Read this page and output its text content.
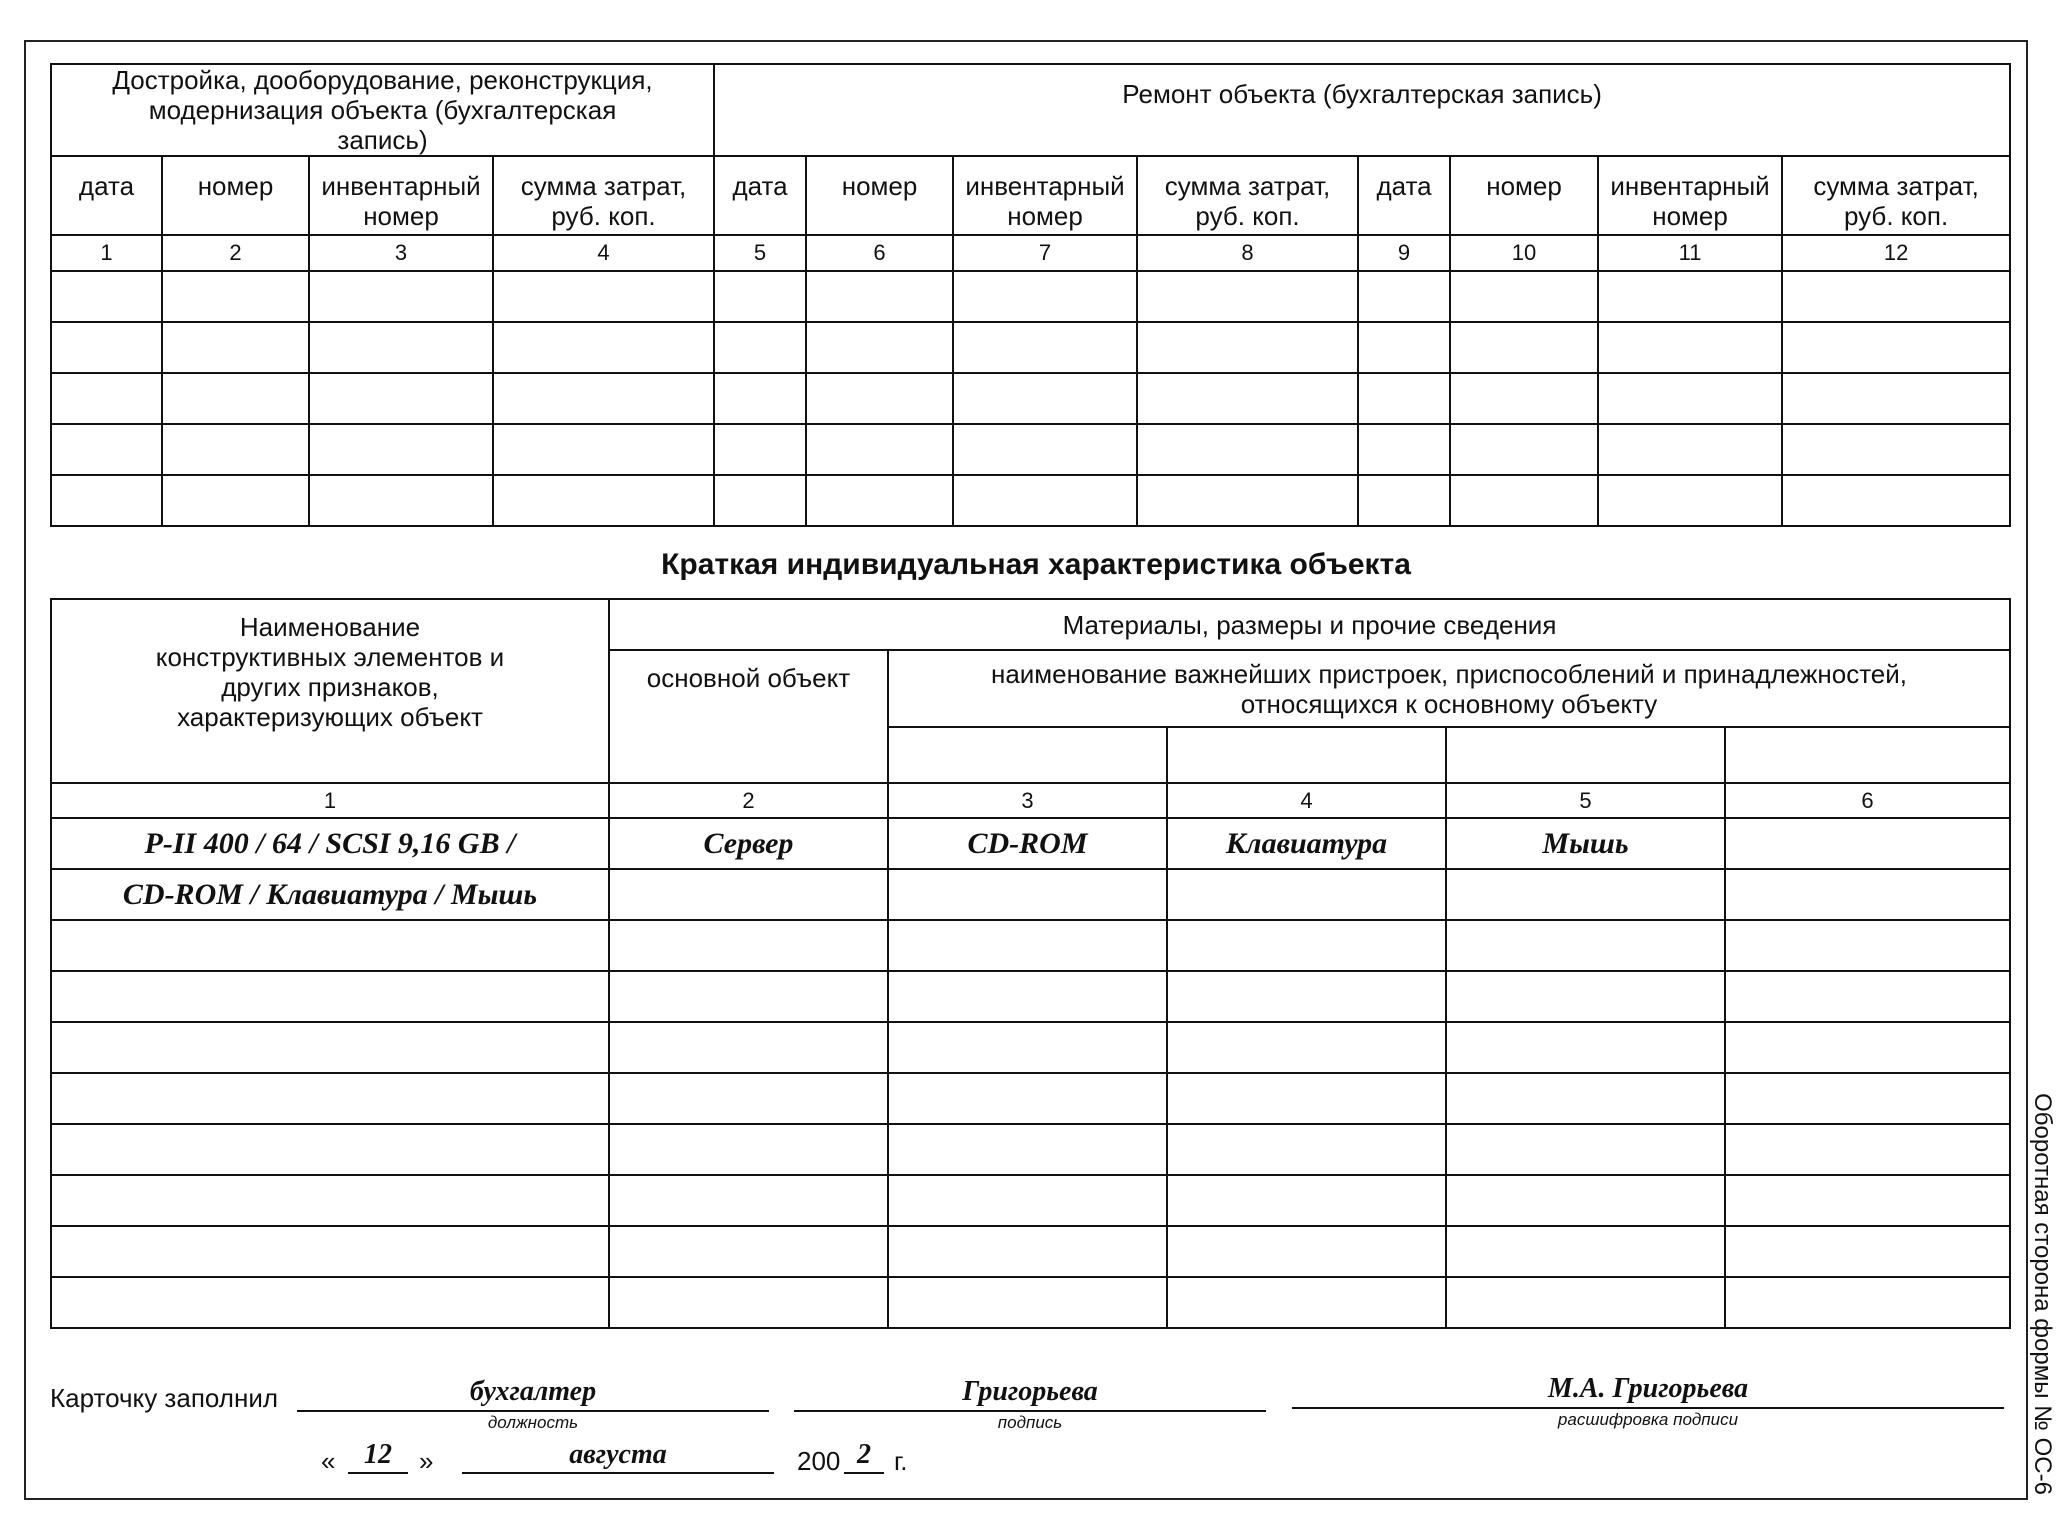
Достройка, дооборудование, реконструкция, модернизация объекта (бухгалтерская запись)				Ремонт объекта (бухгалтерская запись)							
дата	номер	инвентарный номер	сумма затрат, руб. коп.	дата	номер	инвентарный номер	сумма затрат, руб. коп.	дата	номер	инвентарный номер	сумма затрат, руб. коп.
1	2	3	4	5	6	7	8	9	10	11	12

Краткая индивидуальная характеристика объекта
Наименование конструктивных элементов и других признаков, характеризующих объект	Материалы, размеры и прочие сведения				
	основной объект	наименование важнейших пристроек, приспособлений и принадлежностей, относящихся к основному объекту			

1	2	3	4	5	6
P-II 400 / 64 / SCSI 9,16 GB /	Сервер	CD-ROM	Клавиатура	Мышь	
CD-ROM / Клавиатура / Мышь					

Оборотная сторона формы № ОС-6
Карточку заполнил	бухгалтер
должность
Григорьева
подпись
М.А. Григорьева
расшифровка подписи
«	12	»	августа	200 2 г.
